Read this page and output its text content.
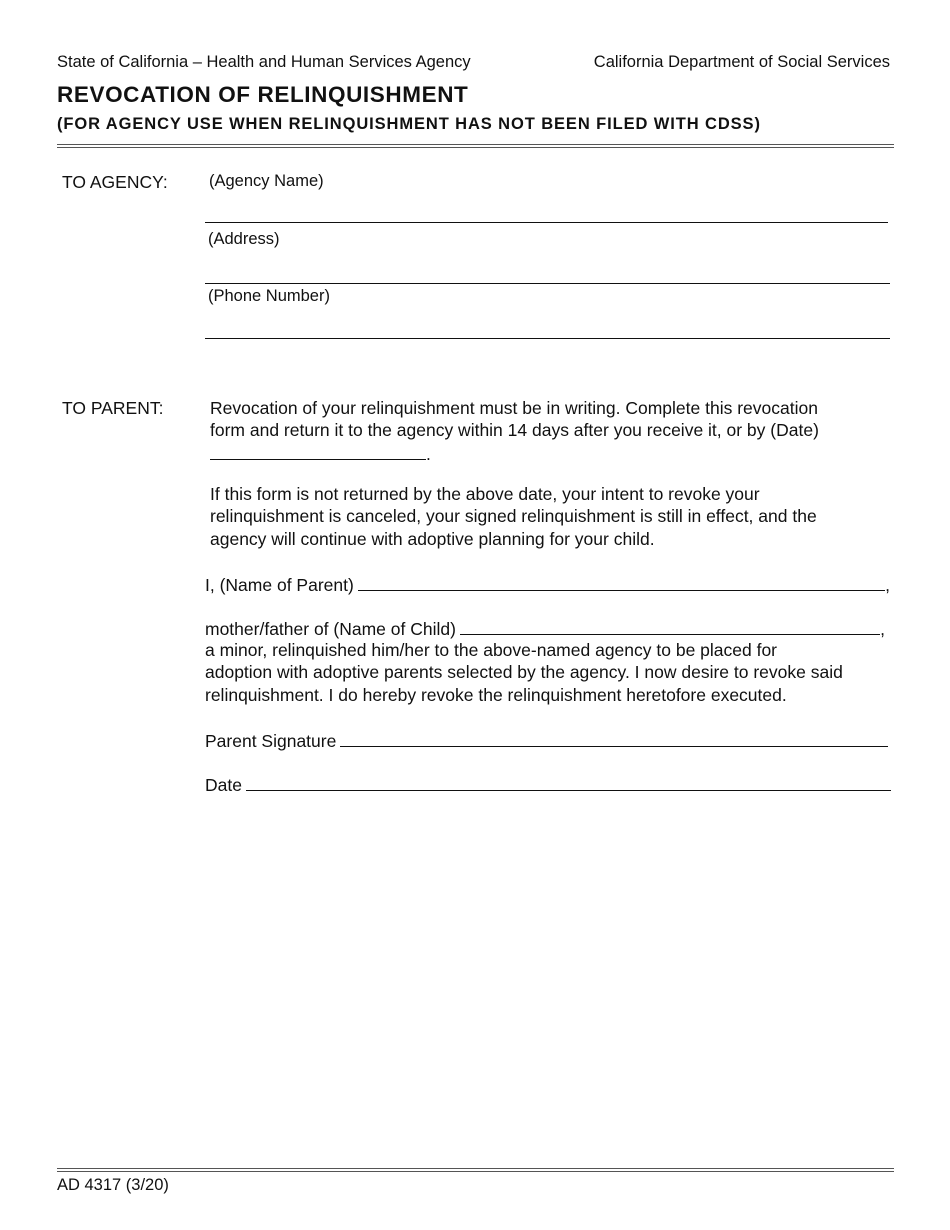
State of California – Health and Human Services Agency	California Department of Social Services
REVOCATION OF RELINQUISHMENT
(FOR AGENCY USE WHEN RELINQUISHMENT HAS NOT BEEN FILED WITH CDSS)
TO AGENCY:	(Agency Name)
(Address)
(Phone Number)
TO PARENT:	Revocation of your relinquishment must be in writing. Complete this revocation
form and return it to the agency within 14 days after you receive it, or by (Date)
.
If this form is not returned by the above date, your intent to revoke your
relinquishment is canceled, your signed relinquishment is still in effect, and the
agency will continue with adoptive planning for your child.
I, (Name of Parent)	,
mother/father of (Name of Child)	,
a minor, relinquished him/her to the above-named agency to be placed for
adoption with adoptive parents selected by the agency. I now desire to revoke said
relinquishment. I do hereby revoke the relinquishment heretofore executed.
Parent Signature
Date
AD 4317 (3/20)
